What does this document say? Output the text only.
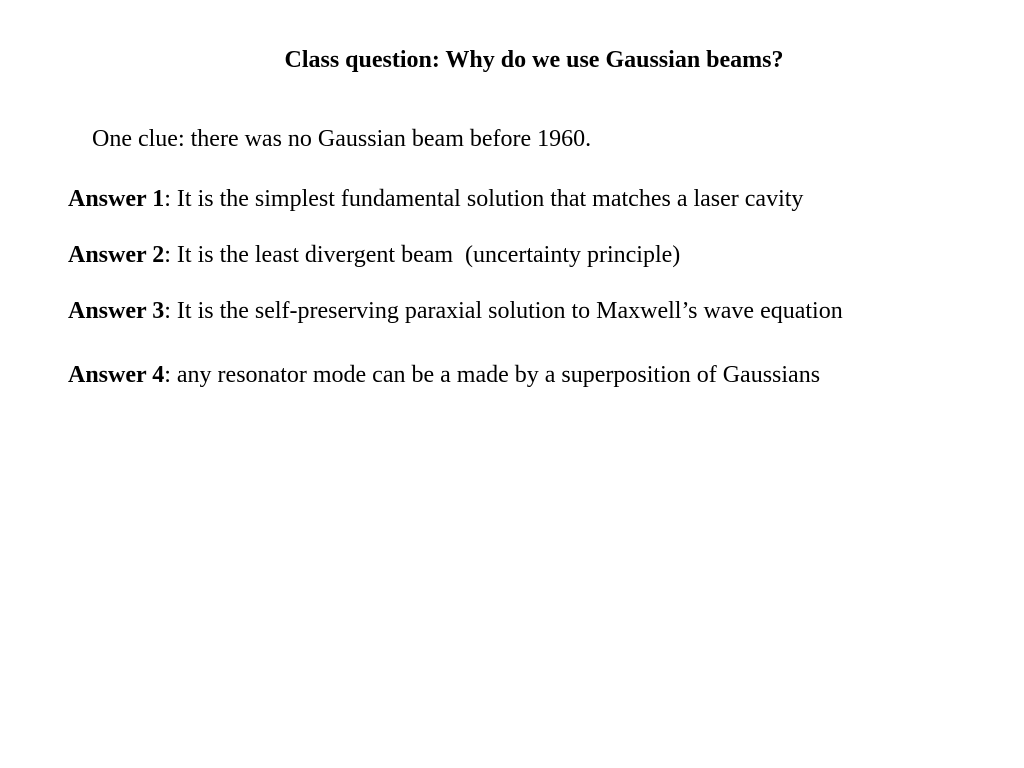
Class question: Why do we use Gaussian beams?
One clue: there was no Gaussian beam before 1960.
Answer 1: It is the simplest fundamental solution that matches a laser cavity
Answer 2: It is the least divergent beam  (uncertainty principle)
Answer 3: It is the self-preserving paraxial solution to Maxwell’s wave equation
Answer 4: any resonator mode can be a made by a superposition of Gaussians
